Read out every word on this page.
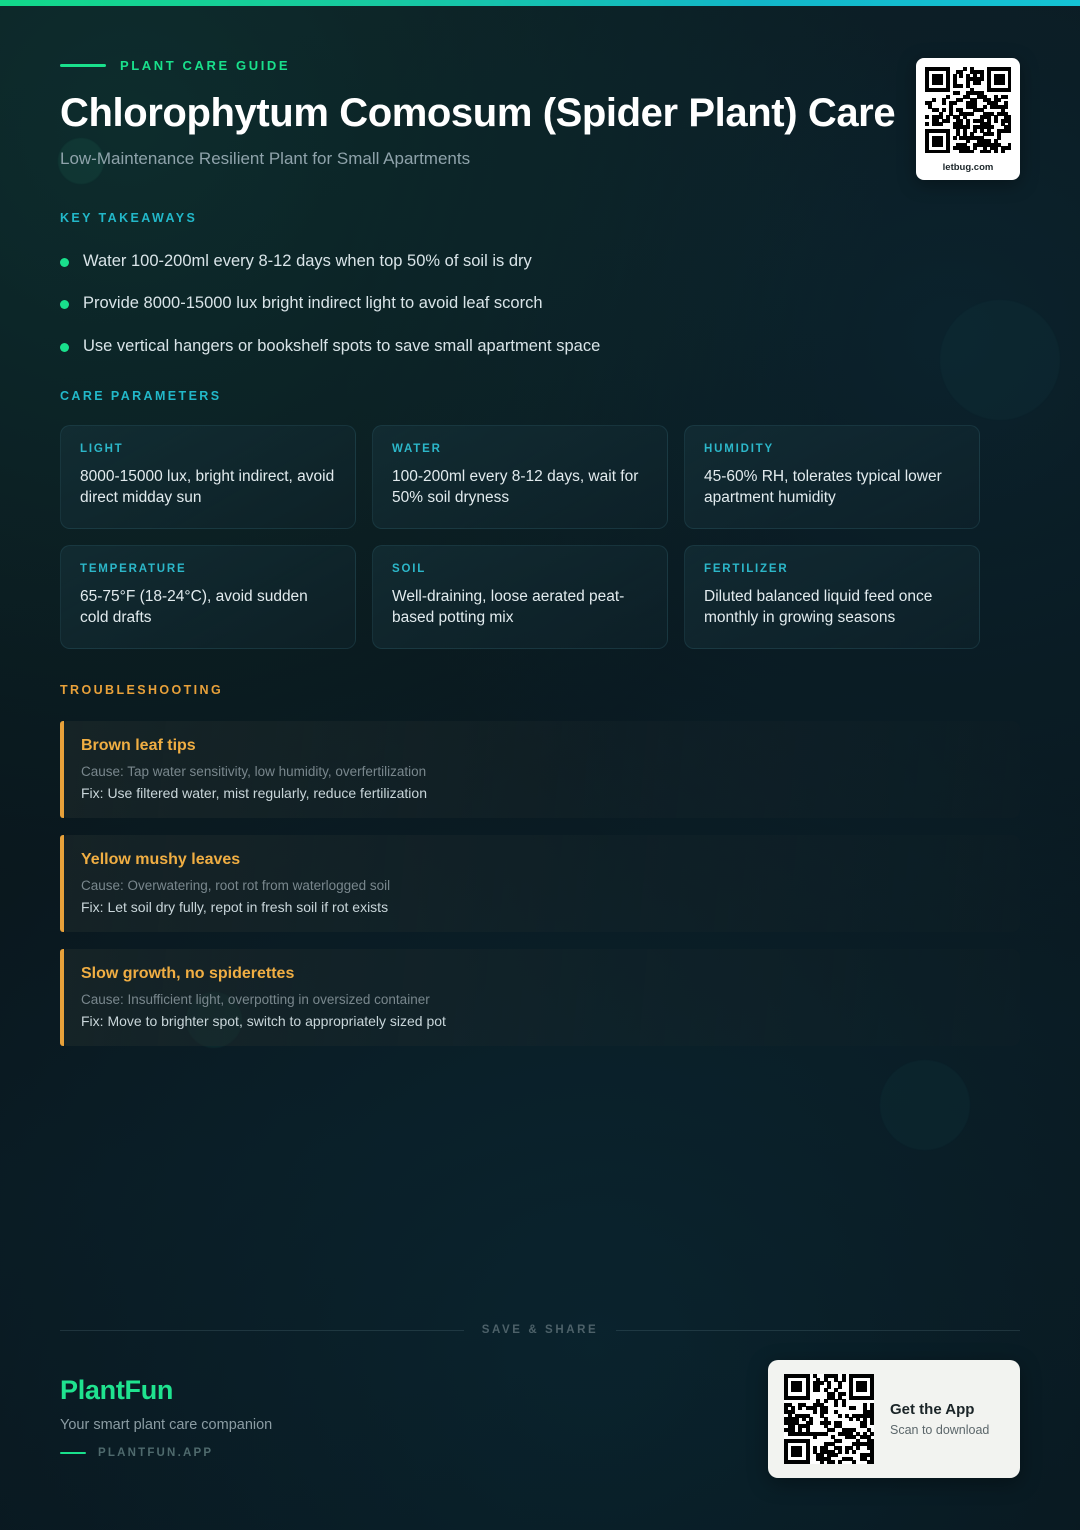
letbug.com
PLANT CARE GUIDE
Chlorophytum Comosum (Spider Plant) Care
Low-Maintenance Resilient Plant for Small Apartments
KEY TAKEAWAYS
Water 100-200ml every 8-12 days when top 50% of soil is dry
Provide 8000-15000 lux bright indirect light to avoid leaf scorch
Use vertical hangers or bookshelf spots to save small apartment space
CARE PARAMETERS
LIGHT
8000-15000 lux, bright indirect, avoid direct midday sun
WATER
100-200ml every 8-12 days, wait for 50% soil dryness
HUMIDITY
45-60% RH, tolerates typical lower apartment humidity
TEMPERATURE
65-75°F (18-24°C), avoid sudden cold drafts
SOIL
Well-draining, loose aerated peat-based potting mix
FERTILIZER
Diluted balanced liquid feed once monthly in growing seasons
TROUBLESHOOTING
Brown leaf tips
Cause: Tap water sensitivity, low humidity, overfertilization
Fix: Use filtered water, mist regularly, reduce fertilization
Yellow mushy leaves
Cause: Overwatering, root rot from waterlogged soil
Fix: Let soil dry fully, repot in fresh soil if rot exists
Slow growth, no spiderettes
Cause: Insufficient light, overpotting in oversized container
Fix: Move to brighter spot, switch to appropriately sized pot
SAVE & SHARE
PlantFun
Your smart plant care companion
PLANTFUN.APP
Get the App
Scan to download
